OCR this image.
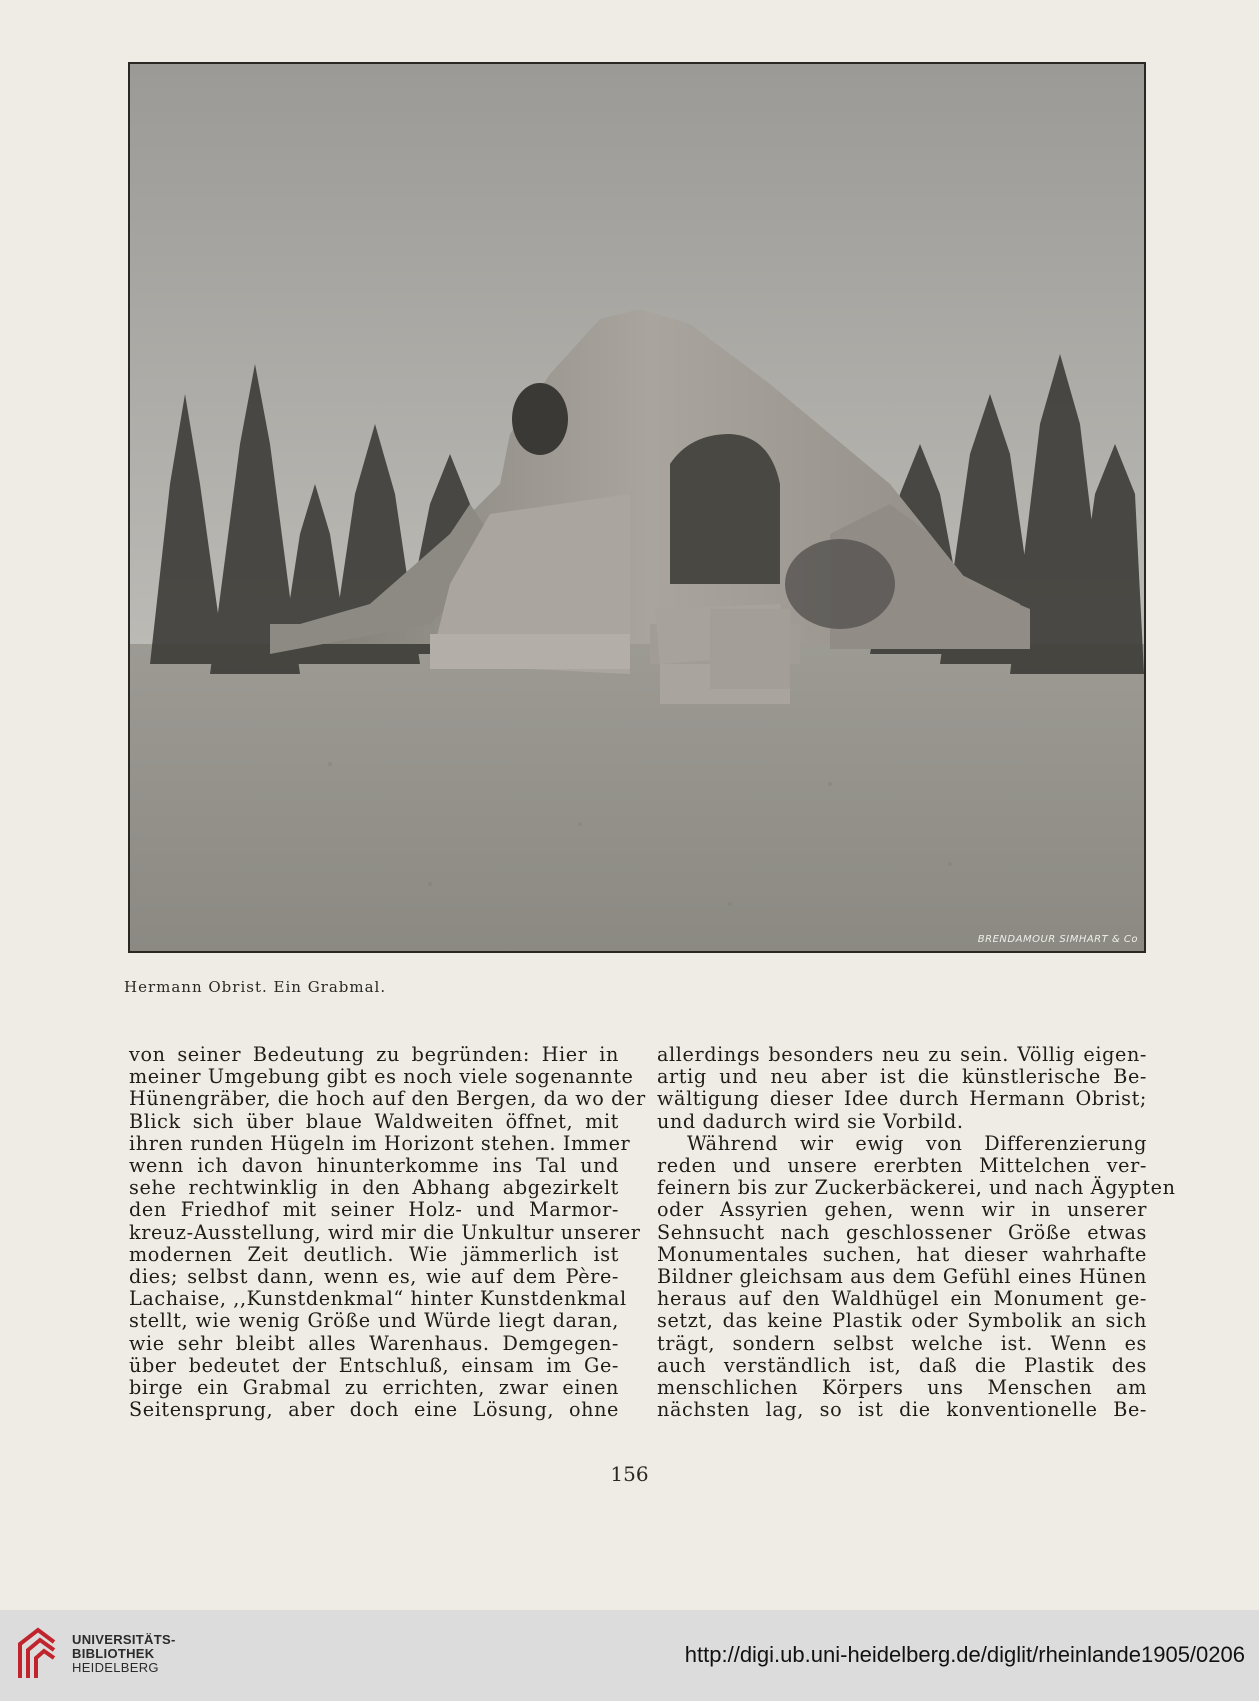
BRENDAMOUR SIMHART & Co
Hermann Obrist. Ein Grabmal.
von seiner Bedeutung zu begründen: Hier in
meiner Umgebung gibt es noch viele sogenannte
Hünengräber, die hoch auf den Bergen, da wo der
Blick sich über blaue Waldweiten öffnet, mit
ihren runden Hügeln im Horizont stehen. Immer
wenn ich davon hinunterkomme ins Tal und
sehe rechtwinklig in den Abhang abgezirkelt
den Friedhof mit seiner Holz- und Marmor-
kreuz-Ausstellung, wird mir die Unkultur unserer
modernen Zeit deutlich. Wie jämmerlich ist
dies; selbst dann, wenn es, wie auf dem Père-
Lachaise, ,,Kunstdenkmal“ hinter Kunstdenkmal
stellt, wie wenig Größe und Würde liegt daran,
wie sehr bleibt alles Warenhaus. Demgegen-
über bedeutet der Entschluß, einsam im Ge-
birge ein Grabmal zu errichten, zwar einen
Seitensprung, aber doch eine Lösung, ohne
allerdings besonders neu zu sein. Völlig eigen-
artig und neu aber ist die künstlerische Be-
wältigung dieser Idee durch Hermann Obrist;
und dadurch wird sie Vorbild.
Während wir ewig von Differenzierung
reden und unsere ererbten Mittelchen ver-
feinern bis zur Zuckerbäckerei, und nach Ägypten
oder Assyrien gehen, wenn wir in unserer
Sehnsucht nach geschlossener Größe etwas
Monumentales suchen, hat dieser wahrhafte
Bildner gleichsam aus dem Gefühl eines Hünen
heraus auf den Waldhügel ein Monument ge-
setzt, das keine Plastik oder Symbolik an sich
trägt, sondern selbst welche ist. Wenn es
auch verständlich ist, daß die Plastik des
menschlichen Körpers uns Menschen am
nächsten lag, so ist die konventionelle Be-
156
UNIVERSITÄTS-
BIBLIOTHEK
HEIDELBERG
http://digi.ub.uni-heidelberg.de/diglit/rheinlande1905/0206
